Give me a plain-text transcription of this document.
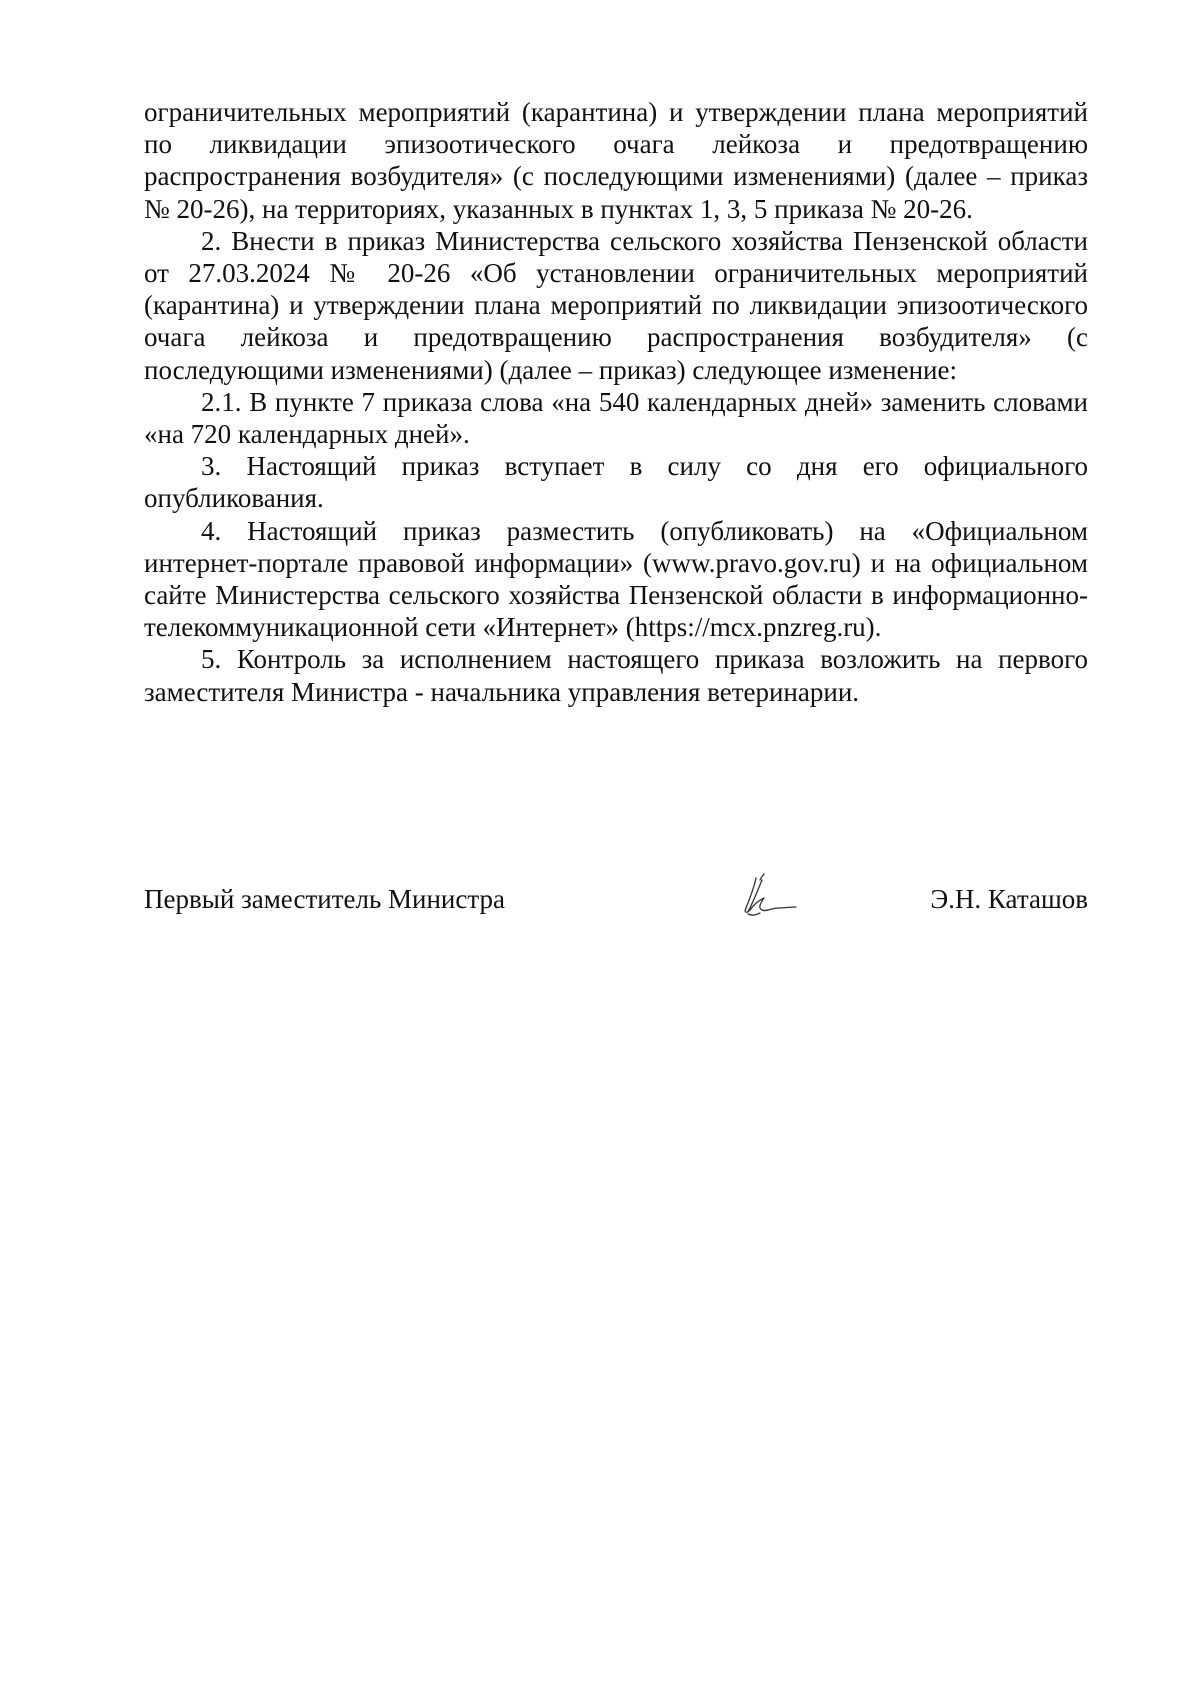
ограничительных мероприятий (карантина) и утверждении плана мероприятий по ликвидации эпизоотического очага лейкоза и предотвращению распространения возбудителя» (с последующими изменениями) (далее – приказ № 20-26), на территориях, указанных в пунктах 1, 3, 5 приказа № 20-26.

2. Внести в приказ Министерства сельского хозяйства Пензенской области от 27.03.2024 № 20-26 «Об установлении ограничительных мероприятий (карантина) и утверждении плана мероприятий по ликвидации эпизоотического очага лейкоза и предотвращению распространения возбудителя» (с последующими изменениями) (далее – приказ) следующее изменение:

2.1. В пункте 7 приказа слова «на 540 календарных дней» заменить словами «на 720 календарных дней».

3. Настоящий приказ вступает в силу со дня его официального опубликования.

4. Настоящий приказ разместить (опубликовать) на «Официальном интернет-портале правовой информации» (www.pravo.gov.ru) и на официальном сайте Министерства сельского хозяйства Пензенской области в информационно-телекоммуникационной сети «Интернет» (https://mcx.pnzreg.ru).

5. Контроль за исполнением настоящего приказа возложить на первого заместителя Министра - начальника управления ветеринарии.

Первый заместитель Министра	Э.Н. Каташов
